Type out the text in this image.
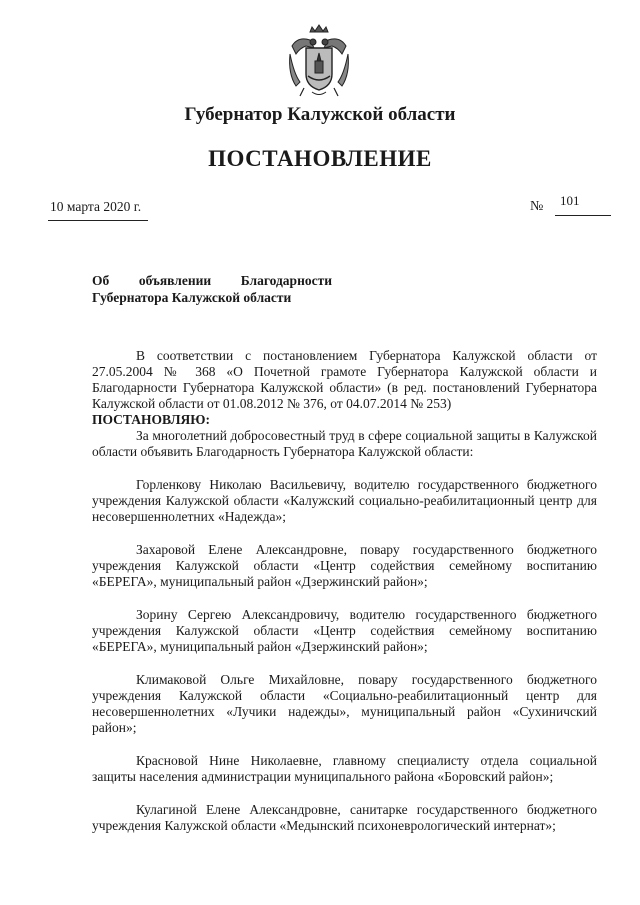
Губернатор Калужской области
ПОСТАНОВЛЕНИЕ
10 марта 2020 г.	№ 101
Об объявлении Благодарности
Губернатора Калужской области

В соответствии с постановлением Губернатора Калужской области от 27.05.2004 № 368 «О Почетной грамоте Губернатора Калужской области и Благодарности Губернатора Калужской области» (в ред. постановлений Губернатора Калужской области от 01.08.2012 № 376, от 04.07.2014 № 253)

ПОСТАНОВЛЯЮ:

За многолетний добросовестный труд в сфере социальной защиты в Калужской области объявить Благодарность Губернатора Калужской области:

Горленкову Николаю Васильевичу, водителю государственного бюджетного учреждения Калужской области «Калужский социально-реабилитационный центр для несовершеннолетних «Надежда»;

Захаровой Елене Александровне, повару государственного бюджетного учреждения Калужской области «Центр содействия семейному воспитанию «БЕРЕГА», муниципальный район «Дзержинский район»;

Зорину Сергею Александровичу, водителю государственного бюджетного учреждения Калужской области «Центр содействия семейному воспитанию «БЕРЕГА», муниципальный район «Дзержинский район»;

Климаковой Ольге Михайловне, повару государственного бюджетного учреждения Калужской области «Социально-реабилитационный центр для несовершеннолетних «Лучики надежды», муниципальный район «Сухиничский район»;

Красновой Нине Николаевне, главному специалисту отдела социальной защиты населения администрации муниципального района «Боровский район»;

Кулагиной Елене Александровне, санитарке государственного бюджетного учреждения Калужской области «Медынский психоневрологический интернат»;
